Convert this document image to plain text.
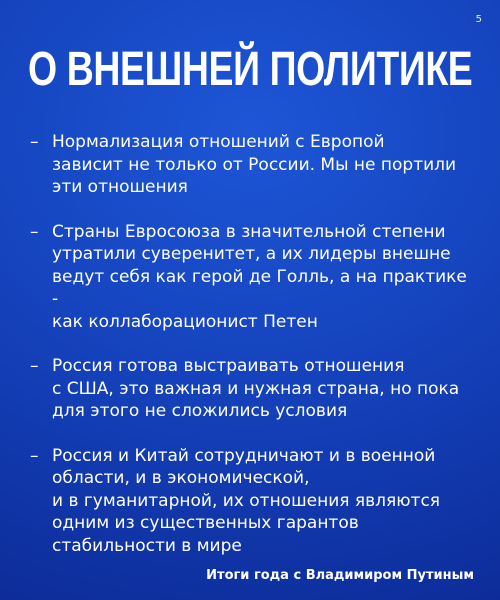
5
О ВНЕШНЕЙ ПОЛИТИКЕ
– Нормализация отношений с Европой
зависит не только от России. Мы не портили
эти отношения
– Страны Евросоюза в значительной степени
утратили суверенитет, а их лидеры внешне
ведут себя как герой де Голль, а на практике -
как коллаборационист Петен
– Россия готова выстраивать отношения
с США, это важная и нужная страна, но пока
для этого не сложились условия
– Россия и Китай сотрудничают и в военной
области, и в экономической,
и в гуманитарной, их отношения являются
одним из существенных гарантов
стабильности в мире
Итоги года с Владимиром Путиным
